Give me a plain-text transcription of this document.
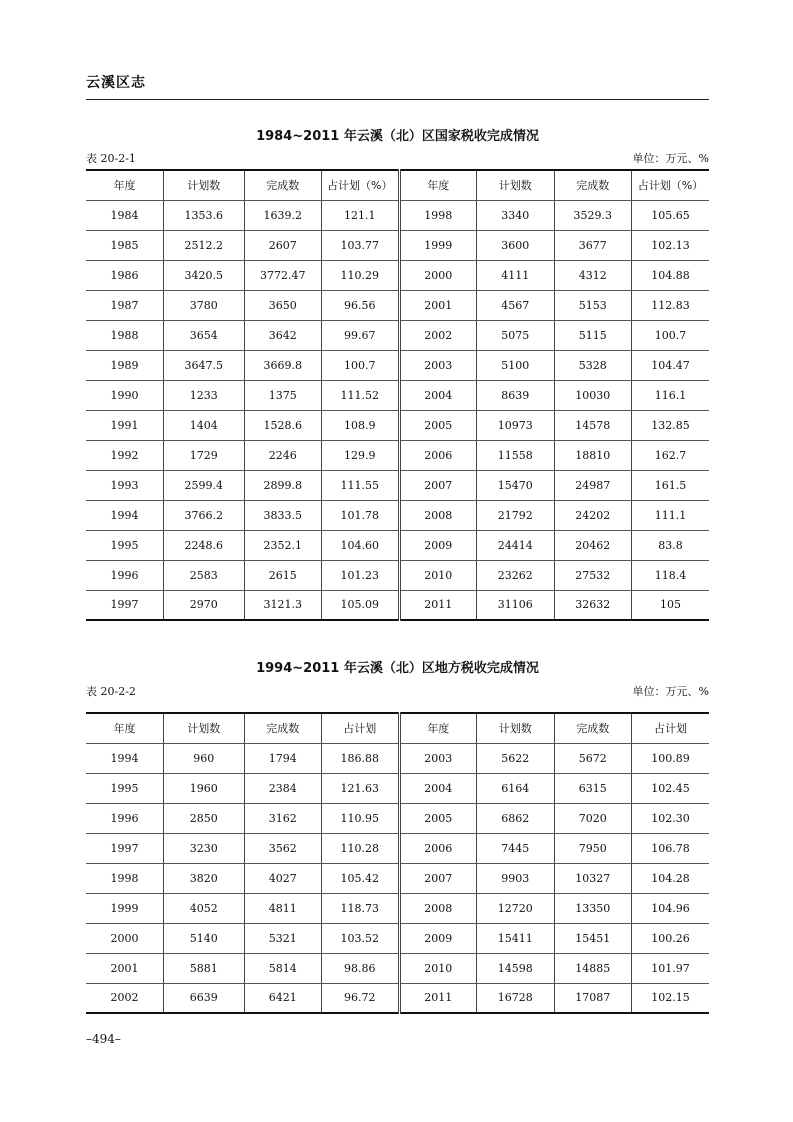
云溪区志
1984~2011 年云溪（北）区国家税收完成情况
表 20-2-1	单位：万元、%
年度	计划数	完成数	占计划（%）	年度	计划数	完成数	占计划（%）
1984	1353.6	1639.2	121.1	1998	3340	3529.3	105.65
1985	2512.2	2607	103.77	1999	3600	3677	102.13
1986	3420.5	3772.47	110.29	2000	4111	4312	104.88
1987	3780	3650	96.56	2001	4567	5153	112.83
1988	3654	3642	99.67	2002	5075	5115	100.7
1989	3647.5	3669.8	100.7	2003	5100	5328	104.47
1990	1233	1375	111.52	2004	8639	10030	116.1
1991	1404	1528.6	108.9	2005	10973	14578	132.85
1992	1729	2246	129.9	2006	11558	18810	162.7
1993	2599.4	2899.8	111.55	2007	15470	24987	161.5
1994	3766.2	3833.5	101.78	2008	21792	24202	111.1
1995	2248.6	2352.1	104.60	2009	24414	20462	83.8
1996	2583	2615	101.23	2010	23262	27532	118.4
1997	2970	3121.3	105.09	2011	31106	32632	105
1994~2011 年云溪（北）区地方税收完成情况
表 20-2-2	单位：万元、%
年度	计划数	完成数	占计划	年度	计划数	完成数	占计划
1994	960	1794	186.88	2003	5622	5672	100.89
1995	1960	2384	121.63	2004	6164	6315	102.45
1996	2850	3162	110.95	2005	6862	7020	102.30
1997	3230	3562	110.28	2006	7445	7950	106.78
1998	3820	4027	105.42	2007	9903	10327	104.28
1999	4052	4811	118.73	2008	12720	13350	104.96
2000	5140	5321	103.52	2009	15411	15451	100.26
2001	5881	5814	98.86	2010	14598	14885	101.97
2002	6639	6421	96.72	2011	16728	17087	102.15
–494–
